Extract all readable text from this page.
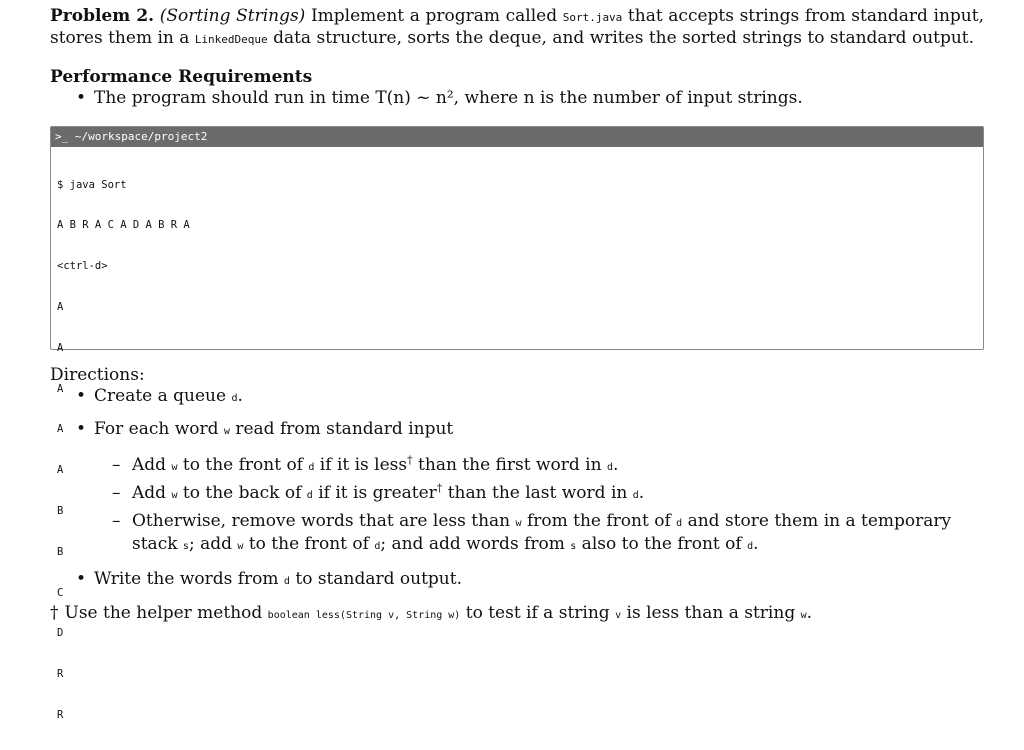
Problem 2. (Sorting Strings) Implement a program called Sort.java that accepts strings from standard input, stores them in a LinkedDeque data structure, sorts the deque, and writes the sorted strings to standard output.

Performance Requirements
• The program should run in time T(n) ~ n², where n is the number of input strings.
>_ ~/workspace/project2

$ java Sort

A B R A C A D A B R A

<ctrl-d>

A

A

A

A

A

B

B

C

D

R

R

Directions:

• Create a queue d.
• For each word w read from standard input
– Add w to the front of d if it is less† than the first word in d.
– Add w to the back of d if it is greater† than the last word in d.
– Otherwise, remove words that are less than w from the front of d and store them in a temporary stack s; add w to the front of d; and add words from s also to the front of d.
• Write the words from d to standard output.

† Use the helper method boolean less(String v, String w) to test if a string v is less than a string w.
